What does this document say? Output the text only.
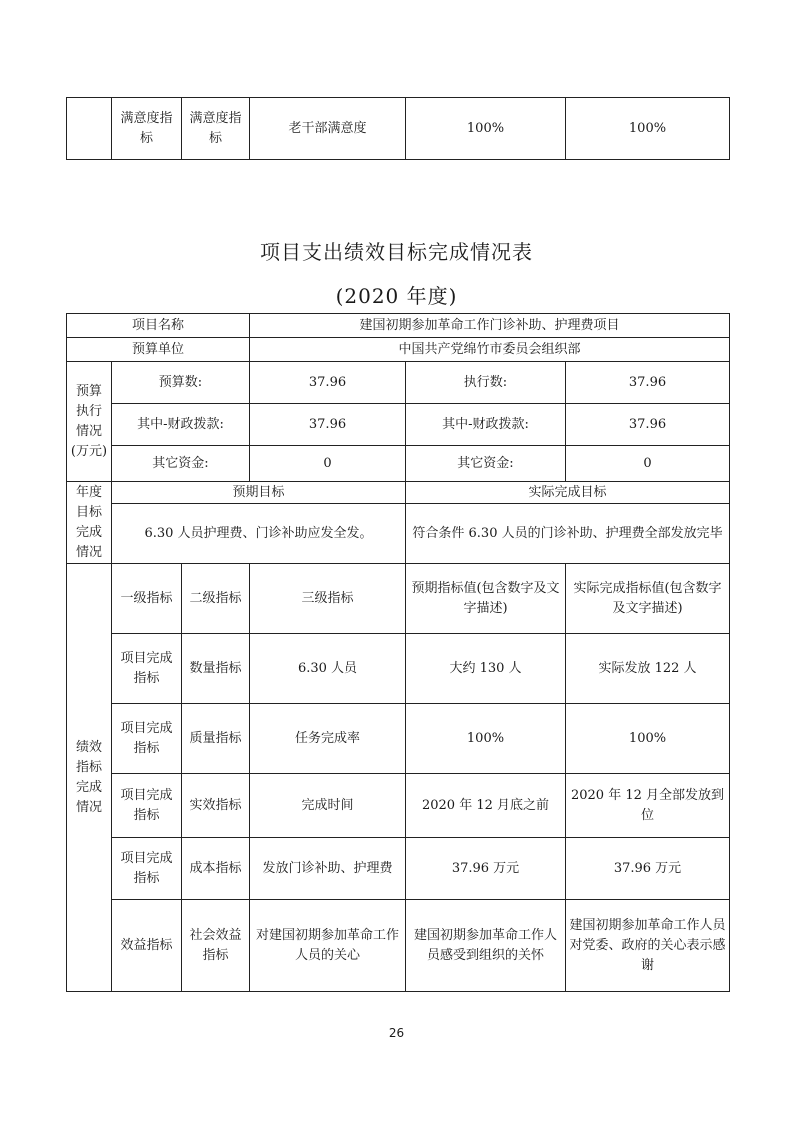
	满意度指标	满意度指标	老干部满意度	100%	100%
项目支出绩效目标完成情况表
(2020 年度)
项目名称			建国初期参加革命工作门诊补助、护理费项目		
预算单位			中国共产党绵竹市委员会组织部		
预算执行情况(万元)	预算数:		37.96	执行数:	37.96
	其中-财政拨款:		37.96	其中-财政拨款:	37.96
	其它资金:		0	其它资金:	0
年度目标完成情况	预期目标			实际完成目标	
	6.30 人员护理费、门诊补助应发全发。			符合条件 6.30 人员的门诊补助、护理费全部发放完毕	
绩效指标完成情况	一级指标	二级指标	三级指标	预期指标值(包含数字及文字描述)	实际完成指标值(包含数字及文字描述)
	项目完成指标	数量指标	6.30 人员	大约 130 人	实际发放 122 人
	项目完成指标	质量指标	任务完成率	100%	100%
	项目完成指标	实效指标	完成时间	2020 年 12 月底之前	2020 年 12 月全部发放到位
	项目完成指标	成本指标	发放门诊补助、护理费	37.96 万元	37.96 万元
	效益指标	社会效益指标	对建国初期参加革命工作人员的关心	建国初期参加革命工作人员感受到组织的关怀	建国初期参加革命工作人员对党委、政府的关心表示感谢
26
